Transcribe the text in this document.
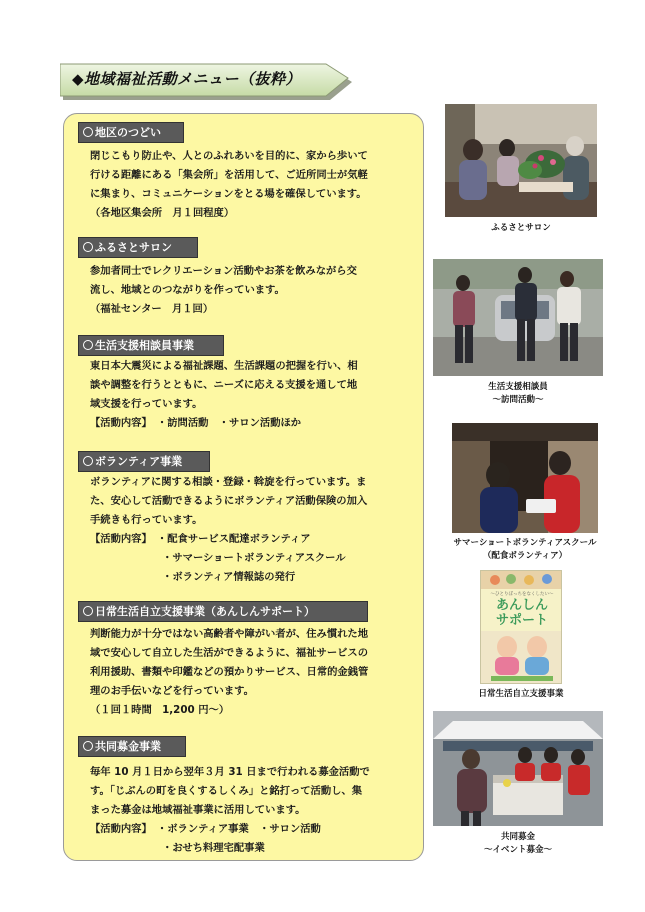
◆地域福祉活動メニュー（抜粋）
地区のつどい
閉じこもり防止や、人とのふれあいを目的に、家から歩いて
行ける距離にある「集会所」を活用して、ご近所同士が気軽
に集まり、コミュニケーションをとる場を確保しています。
（各地区集会所　月１回程度）
ふるさとサロン
参加者同士でレクリエーション活動やお茶を飲みながら交
流し、地域とのつながりを作っています。
（福祉センター　月１回）
生活支援相談員事業
東日本大震災による福祉課題、生活課題の把握を行い、相
談や調整を行うとともに、ニーズに応える支援を通して地
域支援を行っています。
【活動内容】　・訪問活動　・サロン活動ほか
ボランティア事業
ボランティアに関する相談・登録・斡旋を行っています。ま
た、安心して活動できるようにボランティア活動保険の加入
手続きも行っています。
【活動内容】　・配食サービス配達ボランティア
　　　　　　　・サマーショートボランティアスクール
　　　　　　　・ボランティア情報誌の発行
日常生活自立支援事業（あんしんサポート）
判断能力が十分ではない高齢者や障がい者が、住み慣れた地
域で安心して自立した生活ができるように、福祉サービスの
利用援助、書類や印鑑などの預かりサービス、日常的金銭管
理のお手伝いなどを行っています。
（１回１時間　1,200 円～）
共同募金事業
毎年 10 月１日から翌年３月 31 日まで行われる募金活動で
す。「じぶんの町を良くするしくみ」と銘打って活動し、集
まった募金は地域福祉事業に活用しています。
【活動内容】　・ボランティア事業　・サロン活動
　　　　　　　・おせち料理宅配事業
ふるさとサロン
生活支援相談員
～訪問活動～
サマーショートボランティアスクール
（配食ボランティア）
～ひとりぼっちをなくしたい～
あんしん
サポート
日常生活自立支援事業
共同募金
～イベント募金～
